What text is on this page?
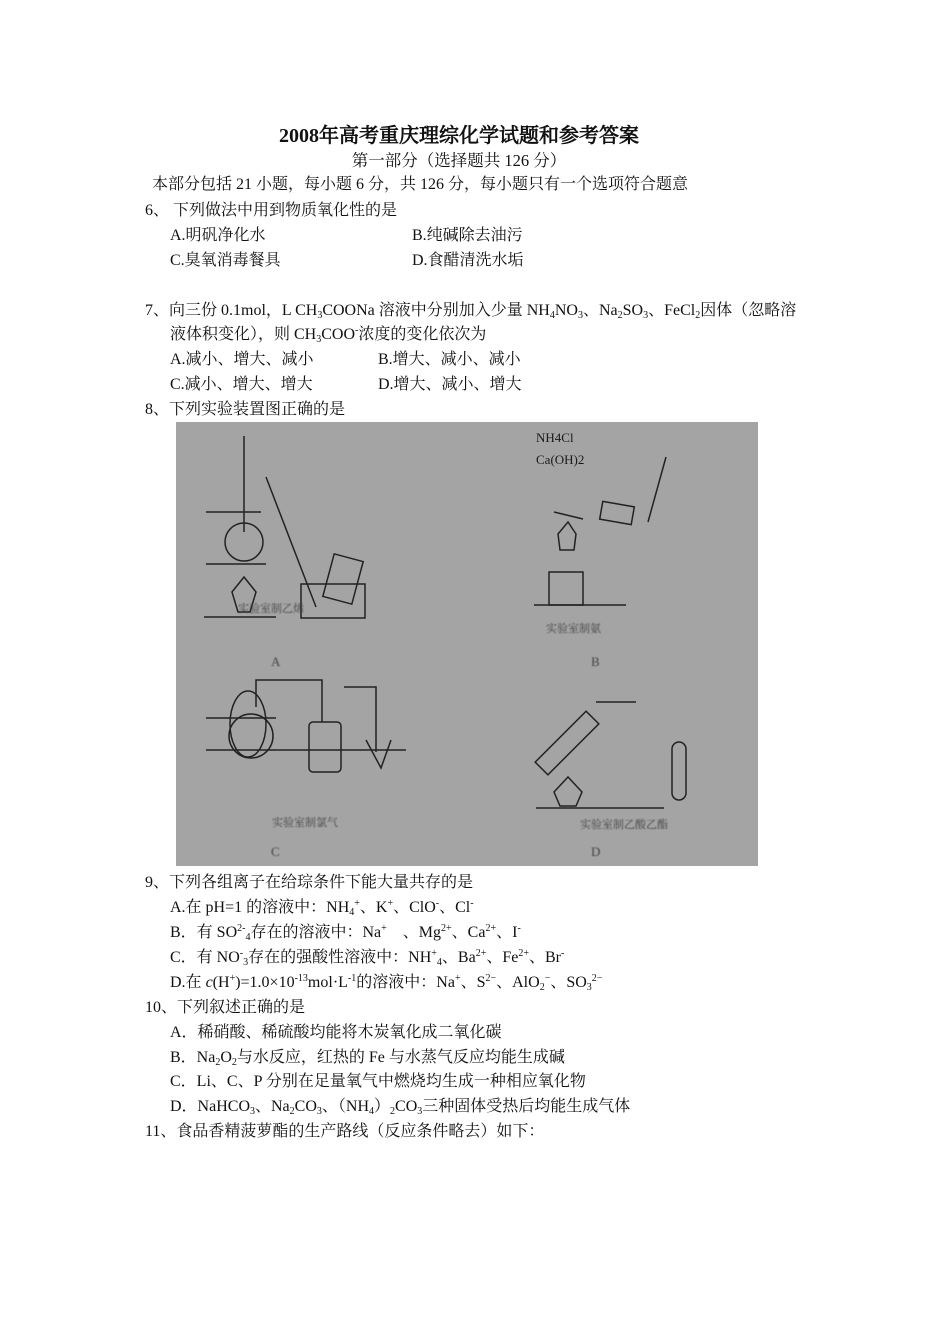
2008年高考重庆理综化学试题和参考答案
第一部分（选择题共 126 分）
本部分包括 21 小题，每小题 6 分，共 126 分，每小题只有一个选项符合题意
6、 下列做法中用到物质氧化性的是
A.明矾净化水	B.纯碱除去油污
C.臭氧消毒餐具	D.食醋清洗水垢
7、向三份 0.1mol，L $CH_3COONa$ 溶液中分别加入少量 $NH_4NO_3$、$Na_2SO_3$、FeCl$_2$因体（忽略溶
液体积变化），则 $CH_3COO^-$浓度的变化依次为
A.减小、增大、减小	B.增大、减小、减小
C.减小、增大、增大	D.增大、减小、增大
8、下列实验装置图正确的是
NH4Cl
Ca(OH)2
实验室制乙烯
实验室制氨
实验室制氯气	实验室制乙酸乙酯
A	B
C	D
9、下列各组离子在给琮条件下能大量共存的是
A.在 pH=1 的溶液中：$NH_4^+$、K+、ClO-、Cl-
B．有 $SO^{2-}_4$存在的溶液中：Na+　、$Mg^{2+}$、$Ca^{2+}$、I-
C．有 $NO^-_3$存在的强酸性溶液中：$NH^+_4$、$Ba^{2+}$、$Fe^{2+}$、Br-
D.在 $c(H^+)=1.0\times 10^{-13}mol\cdot L^{-1}$的溶液中：Na+、$S^{2-}$、AlO$_2$−、$SO_3^{2-}$
10、下列叙述正确的是
A．稀硝酸、稀硫酸均能将木炭氧化成二氧化碳
B．$Na_2O_2$与水反应，红热的 Fe 与水蒸气反应均能生成碱
C．Li、C、P 分别在足量氧气中燃烧均生成一种相应氧化物
D．NaHCO$_3$、$Na_2CO_3$、$(NH_4)_2CO_3$三种固体受热后均能生成气体
11、食品香精菠萝酯的生产路线（反应条件略去）如下：
